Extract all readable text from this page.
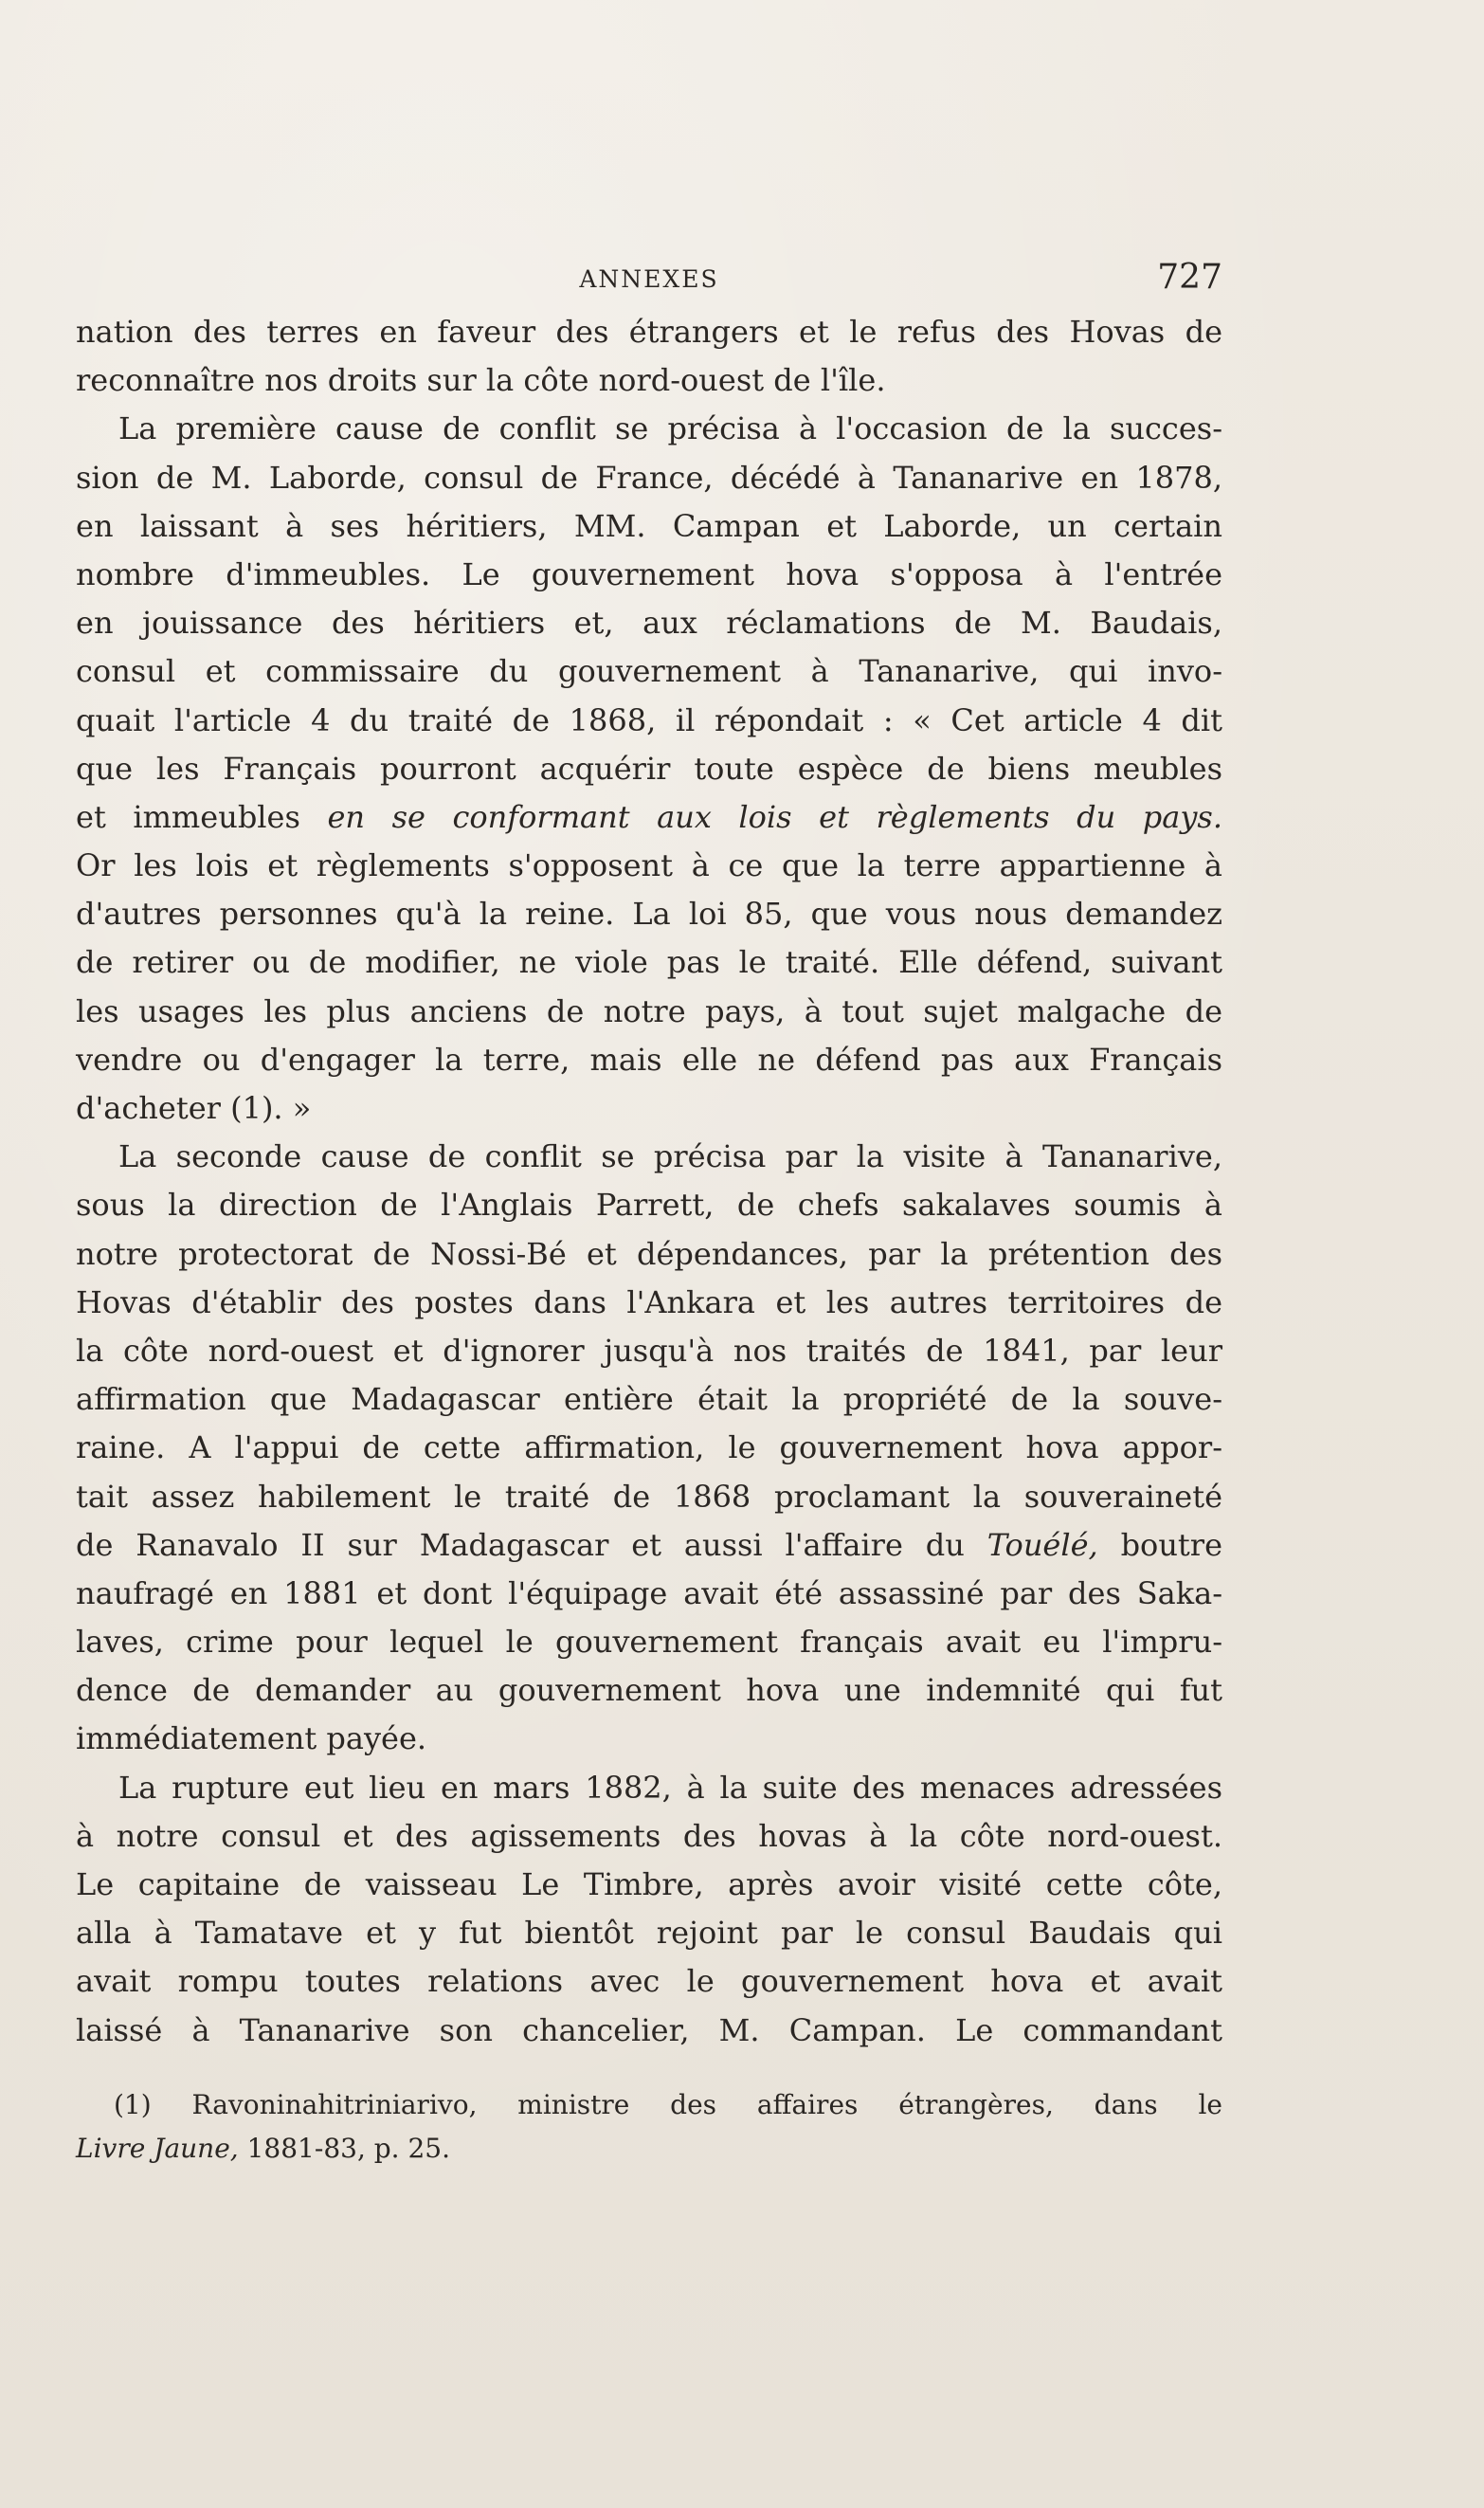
ANNEXES	727
nation des terres en faveur des étrangers et le refus des Hovas de
reconnaître nos droits sur la côte nord-ouest de l'île.
La première cause de conflit se précisa à l'occasion de la succes-
sion de M. Laborde, consul de France, décédé à Tananarive en 1878,
en laissant à ses héritiers, MM. Campan et Laborde, un certain
nombre d'immeubles. Le gouvernement hova s'opposa à l'entrée
en jouissance des héritiers et, aux réclamations de M. Baudais,
consul et commissaire du gouvernement à Tananarive, qui invo-
quait l'article 4 du traité de 1868, il répondait : « Cet article 4 dit
que les Français pourront acquérir toute espèce de biens meubles
et immeubles en se conformant aux lois et règlements du pays.
Or les lois et règlements s'opposent à ce que la terre appartienne à
d'autres personnes qu'à la reine. La loi 85, que vous nous demandez
de retirer ou de modifier, ne viole pas le traité. Elle défend, suivant
les usages les plus anciens de notre pays, à tout sujet malgache de
vendre ou d'engager la terre, mais elle ne défend pas aux Français
d'acheter (1). »
La seconde cause de conflit se précisa par la visite à Tananarive,
sous la direction de l'Anglais Parrett, de chefs sakalaves soumis à
notre protectorat de Nossi-Bé et dépendances, par la prétention des
Hovas d'établir des postes dans l'Ankara et les autres territoires de
la côte nord-ouest et d'ignorer jusqu'à nos traités de 1841, par leur
affirmation que Madagascar entière était la propriété de la souve-
raine. A l'appui de cette affirmation, le gouvernement hova appor-
tait assez habilement le traité de 1868 proclamant la souveraineté
de Ranavalo II sur Madagascar et aussi l'affaire du Touélé, boutre
naufragé en 1881 et dont l'équipage avait été assassiné par des Saka-
laves, crime pour lequel le gouvernement français avait eu l'impru-
dence de demander au gouvernement hova une indemnité qui fut
immédiatement payée.
La rupture eut lieu en mars 1882, à la suite des menaces adressées
à notre consul et des agissements des hovas à la côte nord-ouest.
Le capitaine de vaisseau Le Timbre, après avoir visité cette côte,
alla à Tamatave et y fut bientôt rejoint par le consul Baudais qui
avait rompu toutes relations avec le gouvernement hova et avait
laissé à Tananarive son chancelier, M. Campan. Le commandant
(1) Ravoninahitriniarivo, ministre des affaires étrangères, dans le
Livre Jaune, 1881-83, p. 25.
